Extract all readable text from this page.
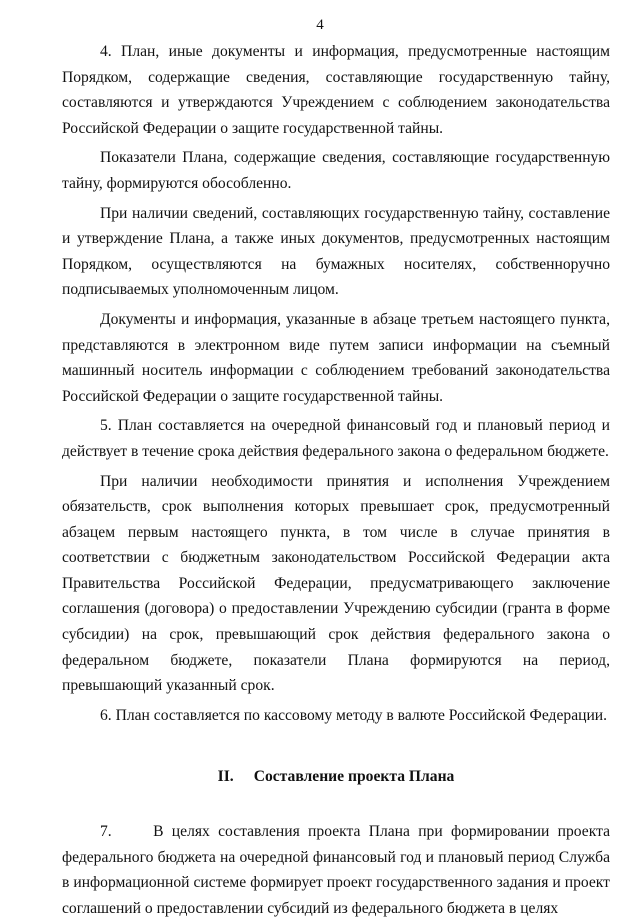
4

4. План, иные документы и информация, предусмотренные настоящим Порядком, содержащие сведения, составляющие государственную тайну, составляются и утверждаются Учреждением с соблюдением законодательства Российской Федерации о защите государственной тайны.

Показатели Плана, содержащие сведения, составляющие государственную тайну, формируются обособленно.

При наличии сведений, составляющих государственную тайну, составление и утверждение Плана, а также иных документов, предусмотренных настоящим Порядком, осуществляются на бумажных носителях, собственноручно подписываемых уполномоченным лицом.

Документы и информация, указанные в абзаце третьем настоящего пункта, представляются в электронном виде путем записи информации на съемный машинный носитель информации с соблюдением требований законодательства Российской Федерации о защите государственной тайны.

5. План составляется на очередной финансовый год и плановый период и действует в течение срока действия федерального закона о федеральном бюджете.

При наличии необходимости принятия и исполнения Учреждением обязательств, срок выполнения которых превышает срок, предусмотренный абзацем первым настоящего пункта, в том числе в случае принятия в соответствии с бюджетным законодательством Российской Федерации акта Правительства Российской Федерации, предусматривающего заключение соглашения (договора) о предоставлении Учреждению субсидии (гранта в форме субсидии) на срок, превышающий срок действия федерального закона о федеральном бюджете, показатели Плана формируются на период, превышающий указанный срок.

6. План составляется по кассовому методу в валюте Российской Федерации.

II. Составление проекта Плана

7.     В целях составления проекта Плана при формировании проекта федерального бюджета на очередной финансовый год и плановый период Служба в информационной системе формирует проект государственного задания и проект соглашений о предоставлении субсидий из федерального бюджета в целях
